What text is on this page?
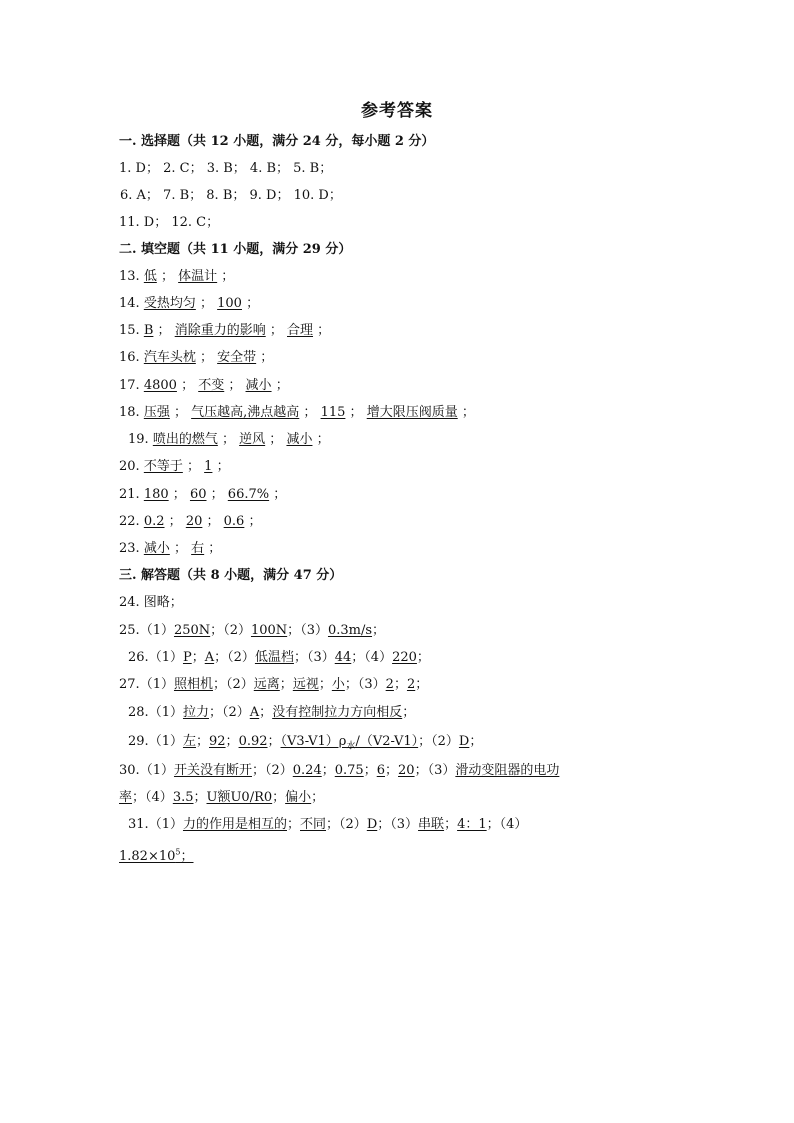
参考答案
一. 选择题（共 12 小题，满分 24 分，每小题 2 分）
1. D； 2. C； 3. B； 4. B； 5. B；
6. A； 7. B； 8. B； 9. D； 10. D；
11. D； 12. C；
二. 填空题（共 11 小题，满分 29 分）
13. 低 ； 体温计 ；
14. 受热均匀 ； 100 ；
15. B ； 消除重力的影响 ； 合理 ；
16. 汽车头枕 ； 安全带 ；
17. 4800 ； 不变 ； 减小 ；
18. 压强 ； 气压越高,沸点越高 ； 115 ； 增大限压阀质量 ；
19. 喷出的燃气 ； 逆风 ； 减小 ；
20. 不等于 ； 1 ；
21. 180 ； 60 ； 66.7% ；
22. 0.2 ； 20 ； 0.6 ；
23. 减小 ； 右 ；
三. 解答题（共 8 小题，满分 47 分）
24. 图略；
25.（1）250N；（2）100N；（3）0.3m/s；
26.（1）P；A；（2）低温档；（3）44；（4）220；
27.（1）照相机；（2）远离；远视；小；（3）2；2；
28.（1）拉力；（2）A；没有控制拉力方向相反；
29.（1）左；92；0.92；$(V3-V1)\rho_水/(V2-V1)$；（2）D；
30.（1）开关没有断开；（2）0.24；0.75；6；20；（3）滑动变阻器的电功
率；（4）3.5；U额U0/R0；偏小；
31.（1）力的作用是相互的；不同；（2）D；（3）串联；4：1；（4）
$1.82\times 10^5$；
